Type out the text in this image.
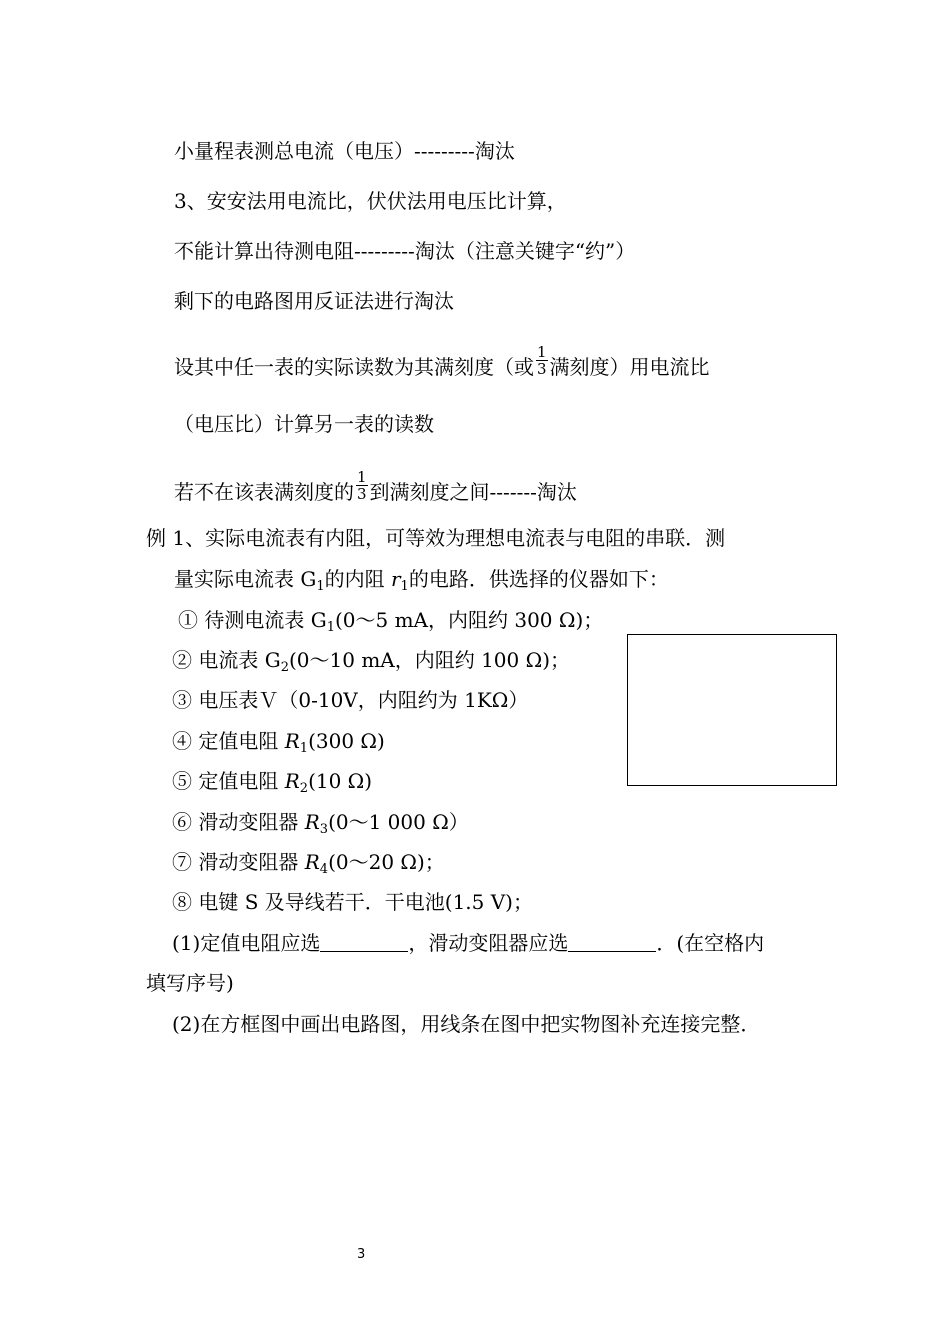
小量程表测总电流（电压）---------淘汰
3、安安法用电流比，伏伏法用电压比计算，
不能计算出待测电阻---------淘汰（注意关键字“约”）
剩下的电路图用反证法进行淘汰
设其中任一表的实际读数为其满刻度（或 $\frac{1}{3}$ 满刻度）用电流比
（电压比）计算另一表的读数
若不在该表满刻度的 $\frac{1}{3}$ 到满刻度之间-------淘汰
例 1、实际电流表有内阻，可等效为理想电流表与电阻的串联．测
量实际电流表 $G_1$的内阻 $r_1$的电路．供选择的仪器如下：
① 待测电流表 $G_1(0\sim 5$ mA，内阻约 300 Ω)；
② 电流表 $G_2(0\sim 10$ mA，内阻约 100 Ω)；
③ 电压表Ｖ（0-10V，内阻约为 1KΩ）
④ 定值电阻 $R_1(300$ Ω)
⑤ 定值电阻 $R_2(10$ Ω)
⑥ 滑动变阻器 $R_3(0\sim 1$ 000 Ω）
⑦ 滑动变阻器 $R_4(0\sim 20$ Ω)；
⑧ 电键 S 及导线若干．干电池(1.5 V)；
(1)定值电阻应选	，滑动变阻器应选	．(在空格内
填写序号)
(2)在方框图中画出电路图，用线条在图中把实物图补充连接完整．
3
